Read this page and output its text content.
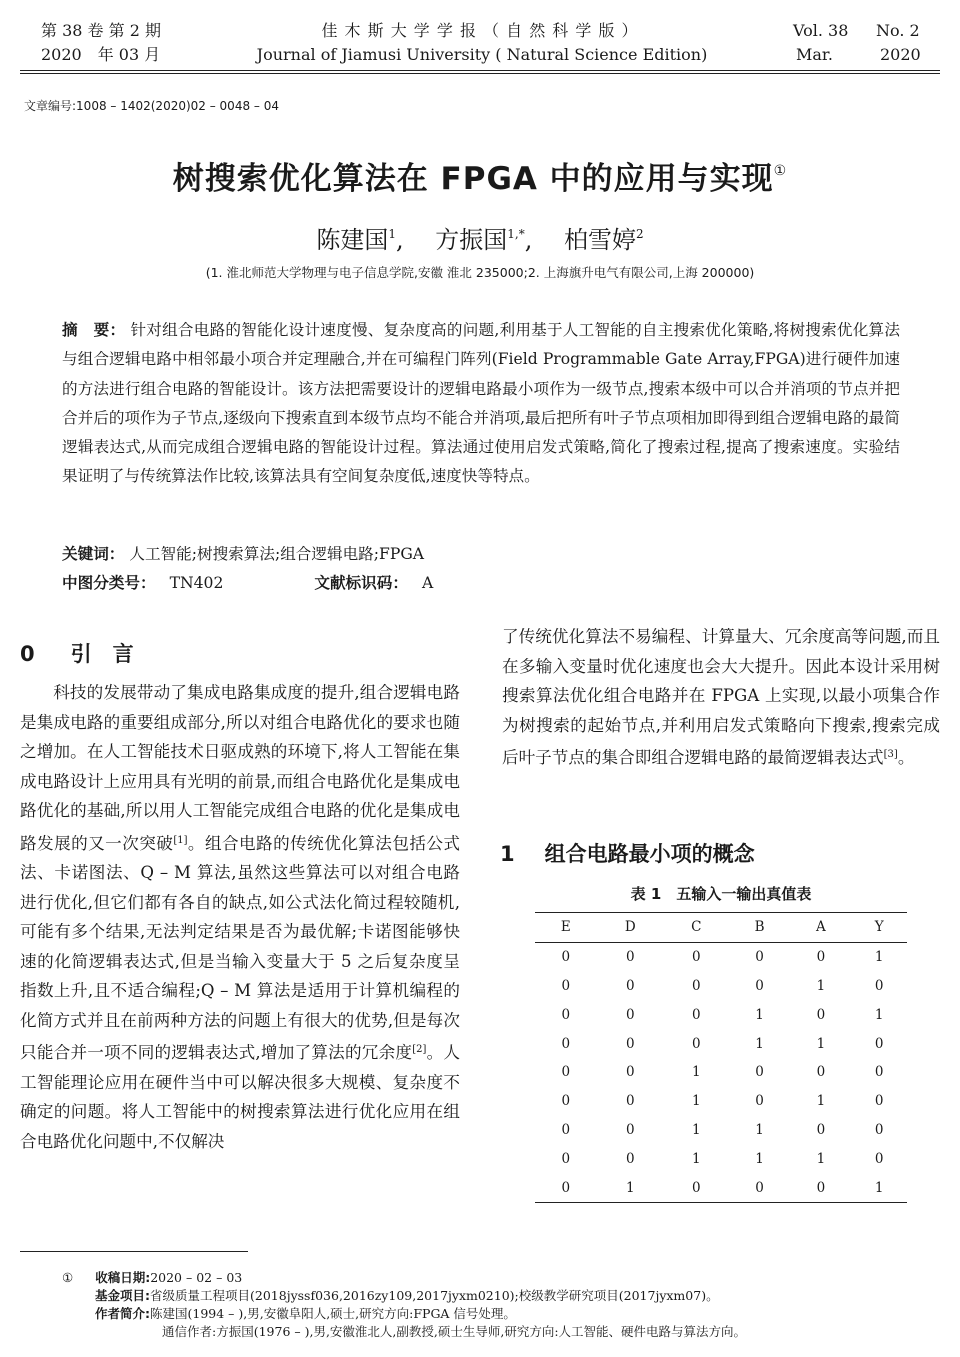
第 38 卷 第 2 期
2020　年 03 月
佳 木 斯 大 学 学 报 （ 自 然 科 学 版 ）
Journal of Jiamusi University ( Natural Science Edition)
Vol. 38 No. 2
Mar.	2020
文章编号:1008 – 1402(2020)02 – 0048 – 04
树搜索优化算法在 FPGA 中的应用与实现①
陈建国$^1$,　 方振国$^{1,*}$,　 柏雪婷$^2$
(1. 淮北师范大学物理与电子信息学院,安徽 淮北 235000;2. 上海旗升电气有限公司,上海 200000)
摘　要： 针对组合电路的智能化设计速度慢、复杂度高的问题,利用基于人工智能的自主搜索优化策略,将树搜索优化算法与组合逻辑电路中相邻最小项合并定理融合,并在可编程门阵列(Field Programmable Gate Array,FPGA)进行硬件加速的方法进行组合电路的智能设计。该方法把需要设计的逻辑电路最小项作为一级节点,搜索本级中可以合并消项的节点并把合并后的项作为子节点,逐级向下搜索直到本级节点均不能合并消项,最后把所有叶子节点项相加即得到组合逻辑电路的最简逻辑表达式,从而完成组合逻辑电路的智能设计过程。算法通过使用启发式策略,简化了搜索过程,提高了搜索速度。实验结果证明了与传统算法作比较,该算法具有空间复杂度低,速度快等特点。
关键词： 人工智能;树搜索算法;组合逻辑电路;FPGA
中图分类号： TN402	文献标识码： A
0 引　言

科技的发展带动了集成电路集成度的提升,组合逻辑电路是集成电路的重要组成部分,所以对组合电路优化的要求也随之增加。在人工智能技术日驱成熟的环境下,将人工智能在集成电路设计上应用具有光明的前景,而组合电路优化是集成电路优化的基础,所以用人工智能完成组合电路的优化是集成电路发展的又一次突破[1]。组合电路的传统优化算法包括公式法、卡诺图法、Q – M 算法,虽然这些算法可以对组合电路进行优化,但它们都有各自的缺点,如公式法化简过程较随机,可能有多个结果,无法判定结果是否为最优解;卡诺图能够快速的化简逻辑表达式,但是当输入变量大于 5 之后复杂度呈指数上升,且不适合编程;Q – M 算法是适用于计算机编程的化简方式并且在前两种方法的问题上有很大的优势,但是每次只能合并一项不同的逻辑表达式,增加了算法的冗余度[2]。人工智能理论应用在硬件当中可以解决很多大规模、复杂度不确定的问题。将人工智能中的树搜索算法进行优化应用在组合电路优化问题中,不仅解决

了传统优化算法不易编程、计算量大、冗余度高等问题,而且在多输入变量时优化速度也会大大提升。因此本设计采用树搜索算法优化组合电路并在 FPGA 上实现,以最小项集合作为树搜索的起始节点,并利用启发式策略向下搜索,搜索完成后叶子节点的集合即组合逻辑电路的最简逻辑表达式[3]。

1 组合电路最小项的概念
表 1　五输入一输出真值表
E	D	C	B	A	Y
0	0	0	0	0	1
0	0	0	0	1	0
0	0	0	1	0	1
0	0	0	1	1	0
0	0	1	0	0	0
0	0	1	0	1	0
0	0	1	1	0	0
0	0	1	1	1	0
0	1	0	0	0	1
① 收稿日期:2020 – 02 – 03
基金项目:省级质量工程项目(2018jyssf036,2016zy109,2017jyxm0210);校级教学研究项目(2017jyxm07)。
作者简介:陈建国(1994 – ),男,安徽阜阳人,硕士,研究方向:FPGA 信号处理。
通信作者:方振国(1976 – ),男,安徽淮北人,副教授,硕士生导师,研究方向:人工智能、硬件电路与算法方向。
